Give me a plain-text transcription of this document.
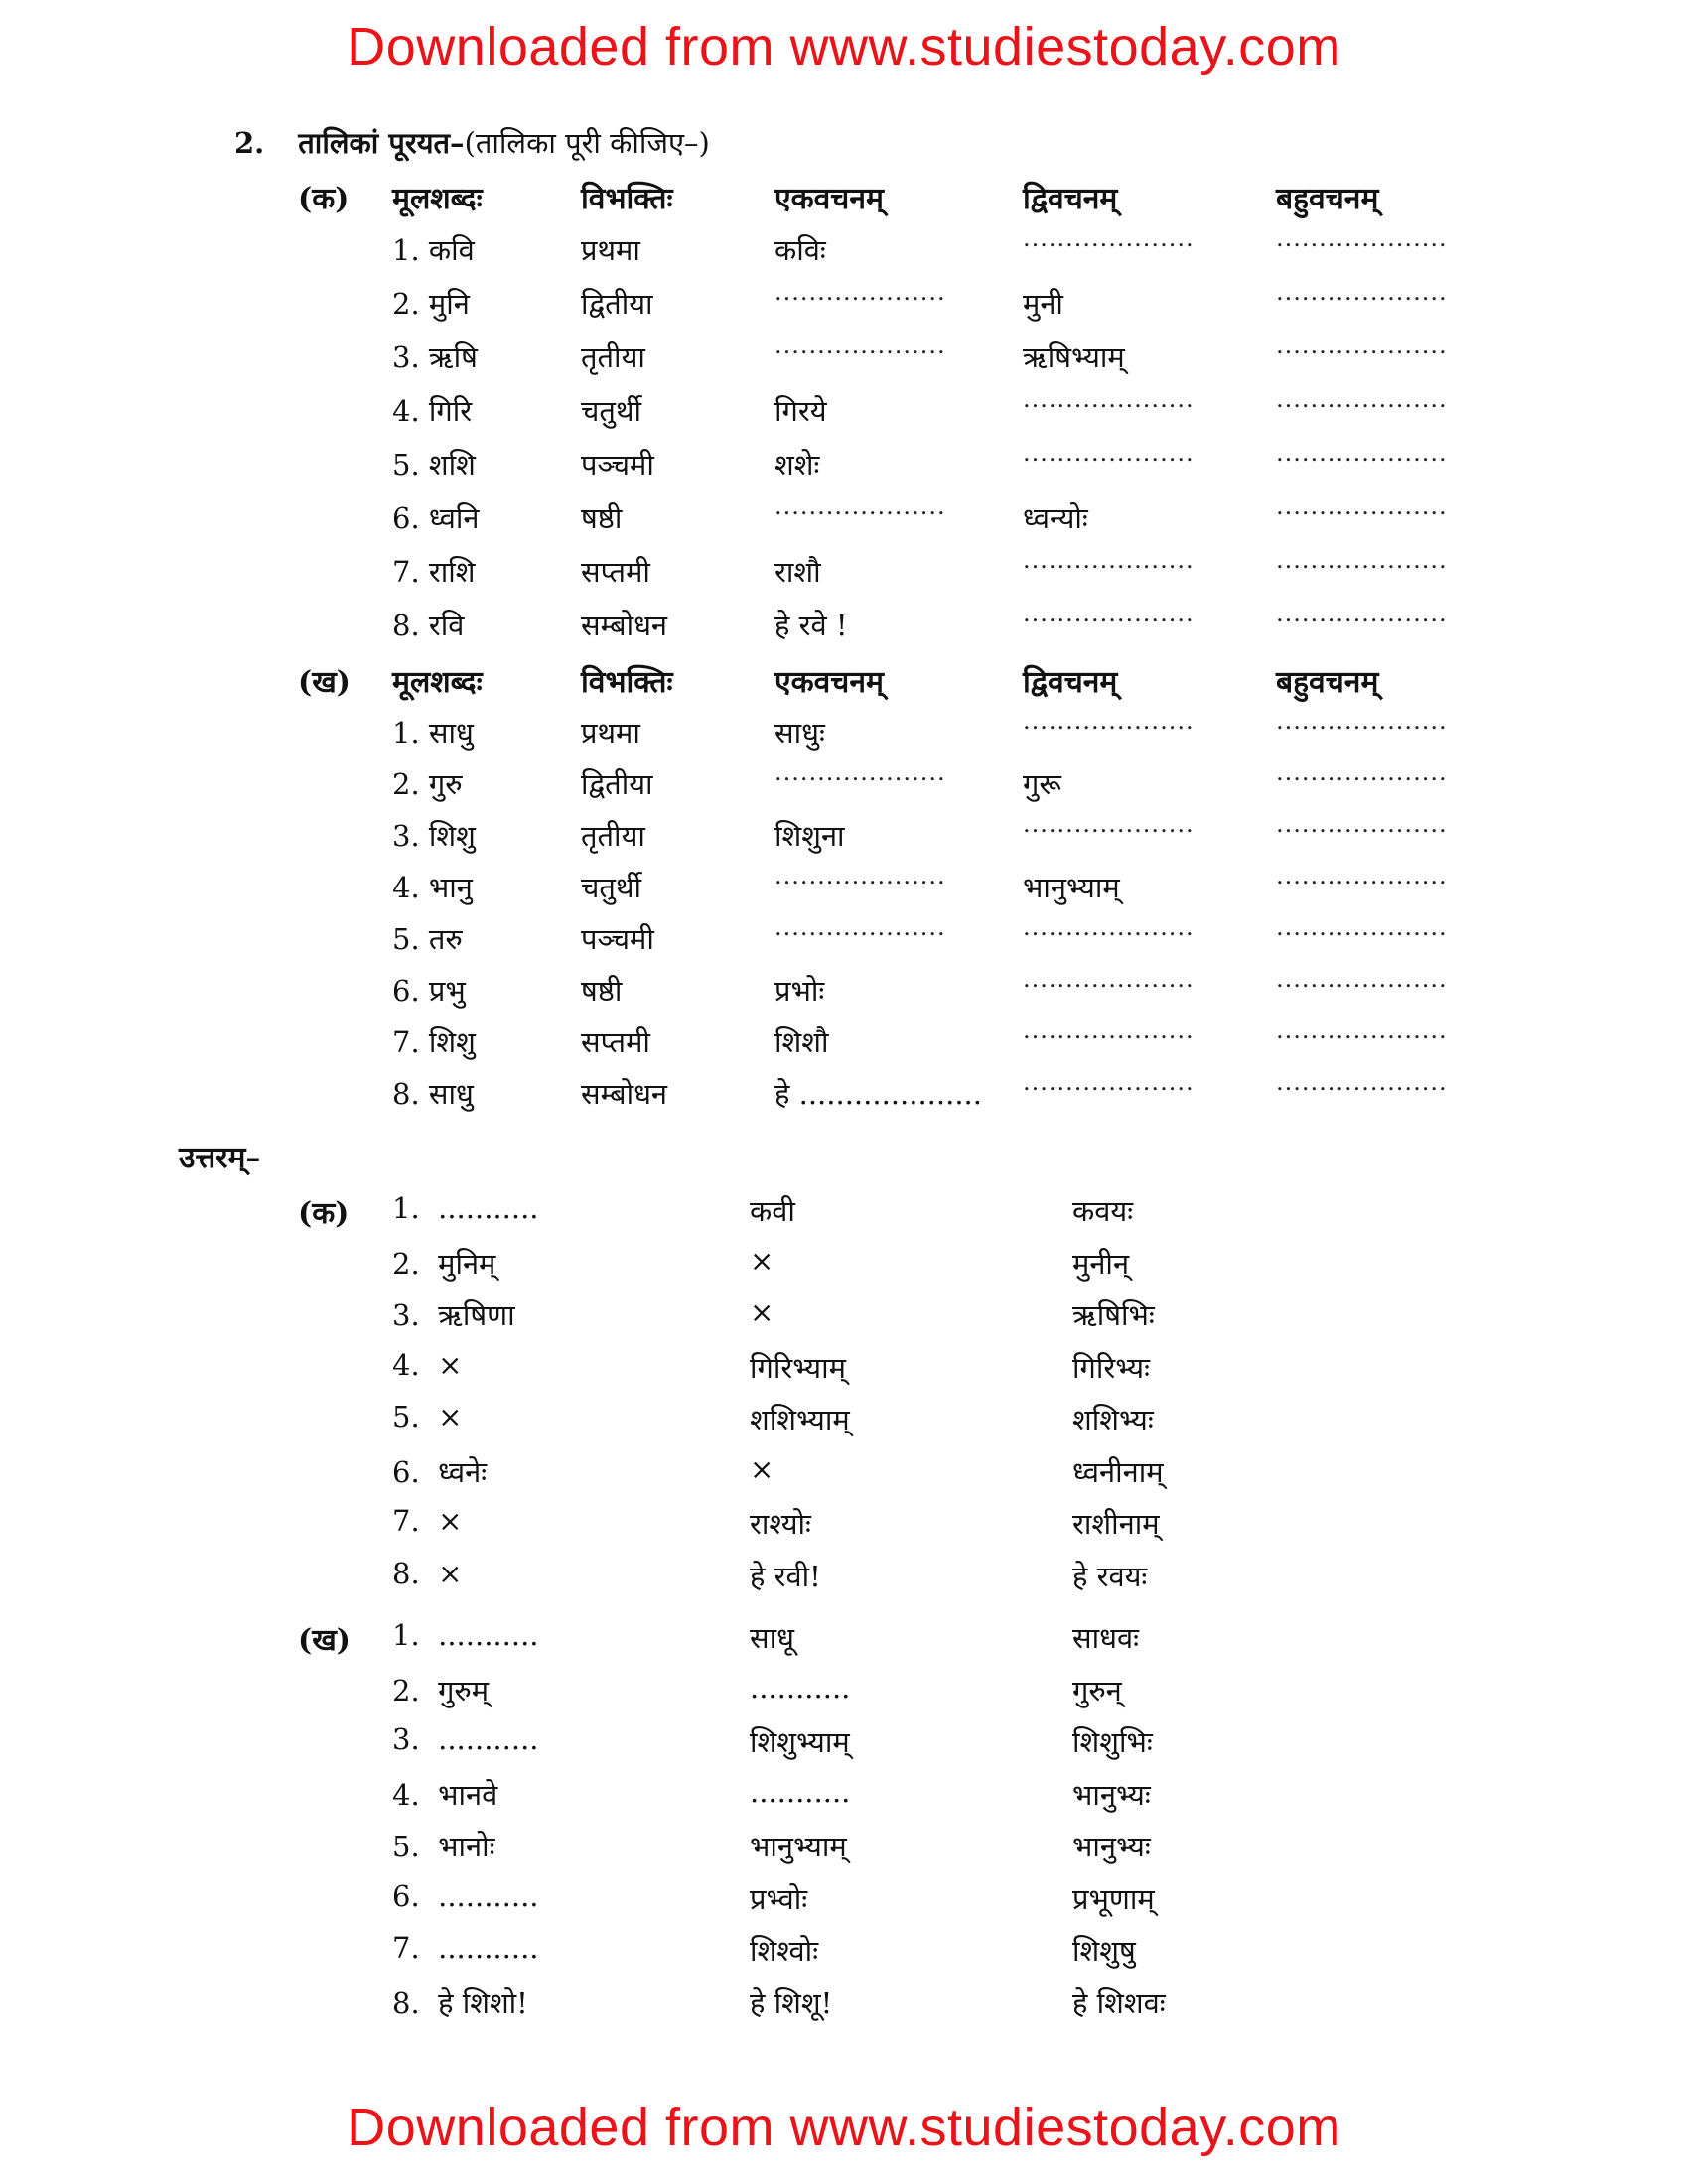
Downloaded from www.studiestoday.com
2. तालिकां पूरयत–(तालिका पूरी कीजिए–)
(क) मूलशब्दः	विभक्तिः	एकवचनम्	द्विवचनम्	बहुवचनम्
1. कवि	प्रथमा	कविः	....................	....................
2. मुनि	द्वितीया	....................	मुनी	....................
3. ऋषि	तृतीया	....................	ऋषिभ्याम्	....................
4. गिरि	चतुर्थी	गिरये	....................	....................
5. शशि	पञ्चमी	शशेः	....................	....................
6. ध्वनि	षष्ठी	....................	ध्वन्योः	....................
7. राशि	सप्तमी	राशौ	....................	....................
8. रवि	सम्बोधन	हे रवे !	....................	....................
(ख) मूलशब्दः	विभक्तिः	एकवचनम्	द्विवचनम्	बहुवचनम्
1. साधु	प्रथमा	साधुः	....................	....................
2. गुरु	द्वितीया	....................	गुरू	....................
3. शिशु	तृतीया	शिशुना	....................	....................
4. भानु	चतुर्थी	....................	भानुभ्याम्	....................
5. तरु	पञ्चमी	....................	....................	....................
6. प्रभु	षष्ठी	प्रभोः	....................	....................
7. शिशु	सप्तमी	शिशौ	....................	....................
8. साधु	सम्बोधन	हे .................... ....................	....................
उत्तरम्–
(क) 1.  ...........	कवी	कवयः
2.  मुनिम्	×	मुनीन्
3.  ऋषिणा	×	ऋषिभिः
4.  ×	गिरिभ्याम्	गिरिभ्यः
5.  ×	शशिभ्याम्	शशिभ्यः
6.  ध्वनेः	×	ध्वनीनाम्
7.  ×	राश्योः	राशीनाम्
8.  ×	हे रवी!	हे रवयः
(ख) 1.  ...........	साधू	साधवः
2.  गुरुम्	...........	गुरुन्
3.  ...........	शिशुभ्याम्	शिशुभिः
4.  भानवे	...........	भानुभ्यः
5.  भानोः	भानुभ्याम्	भानुभ्यः
6.  ...........	प्रभ्वोः	प्रभूणाम्
7.  ...........	शिश्वोः	शिशुषु
8.  हे शिशो!	हे शिशू!	हे शिशवः
Downloaded from www.studiestoday.com
